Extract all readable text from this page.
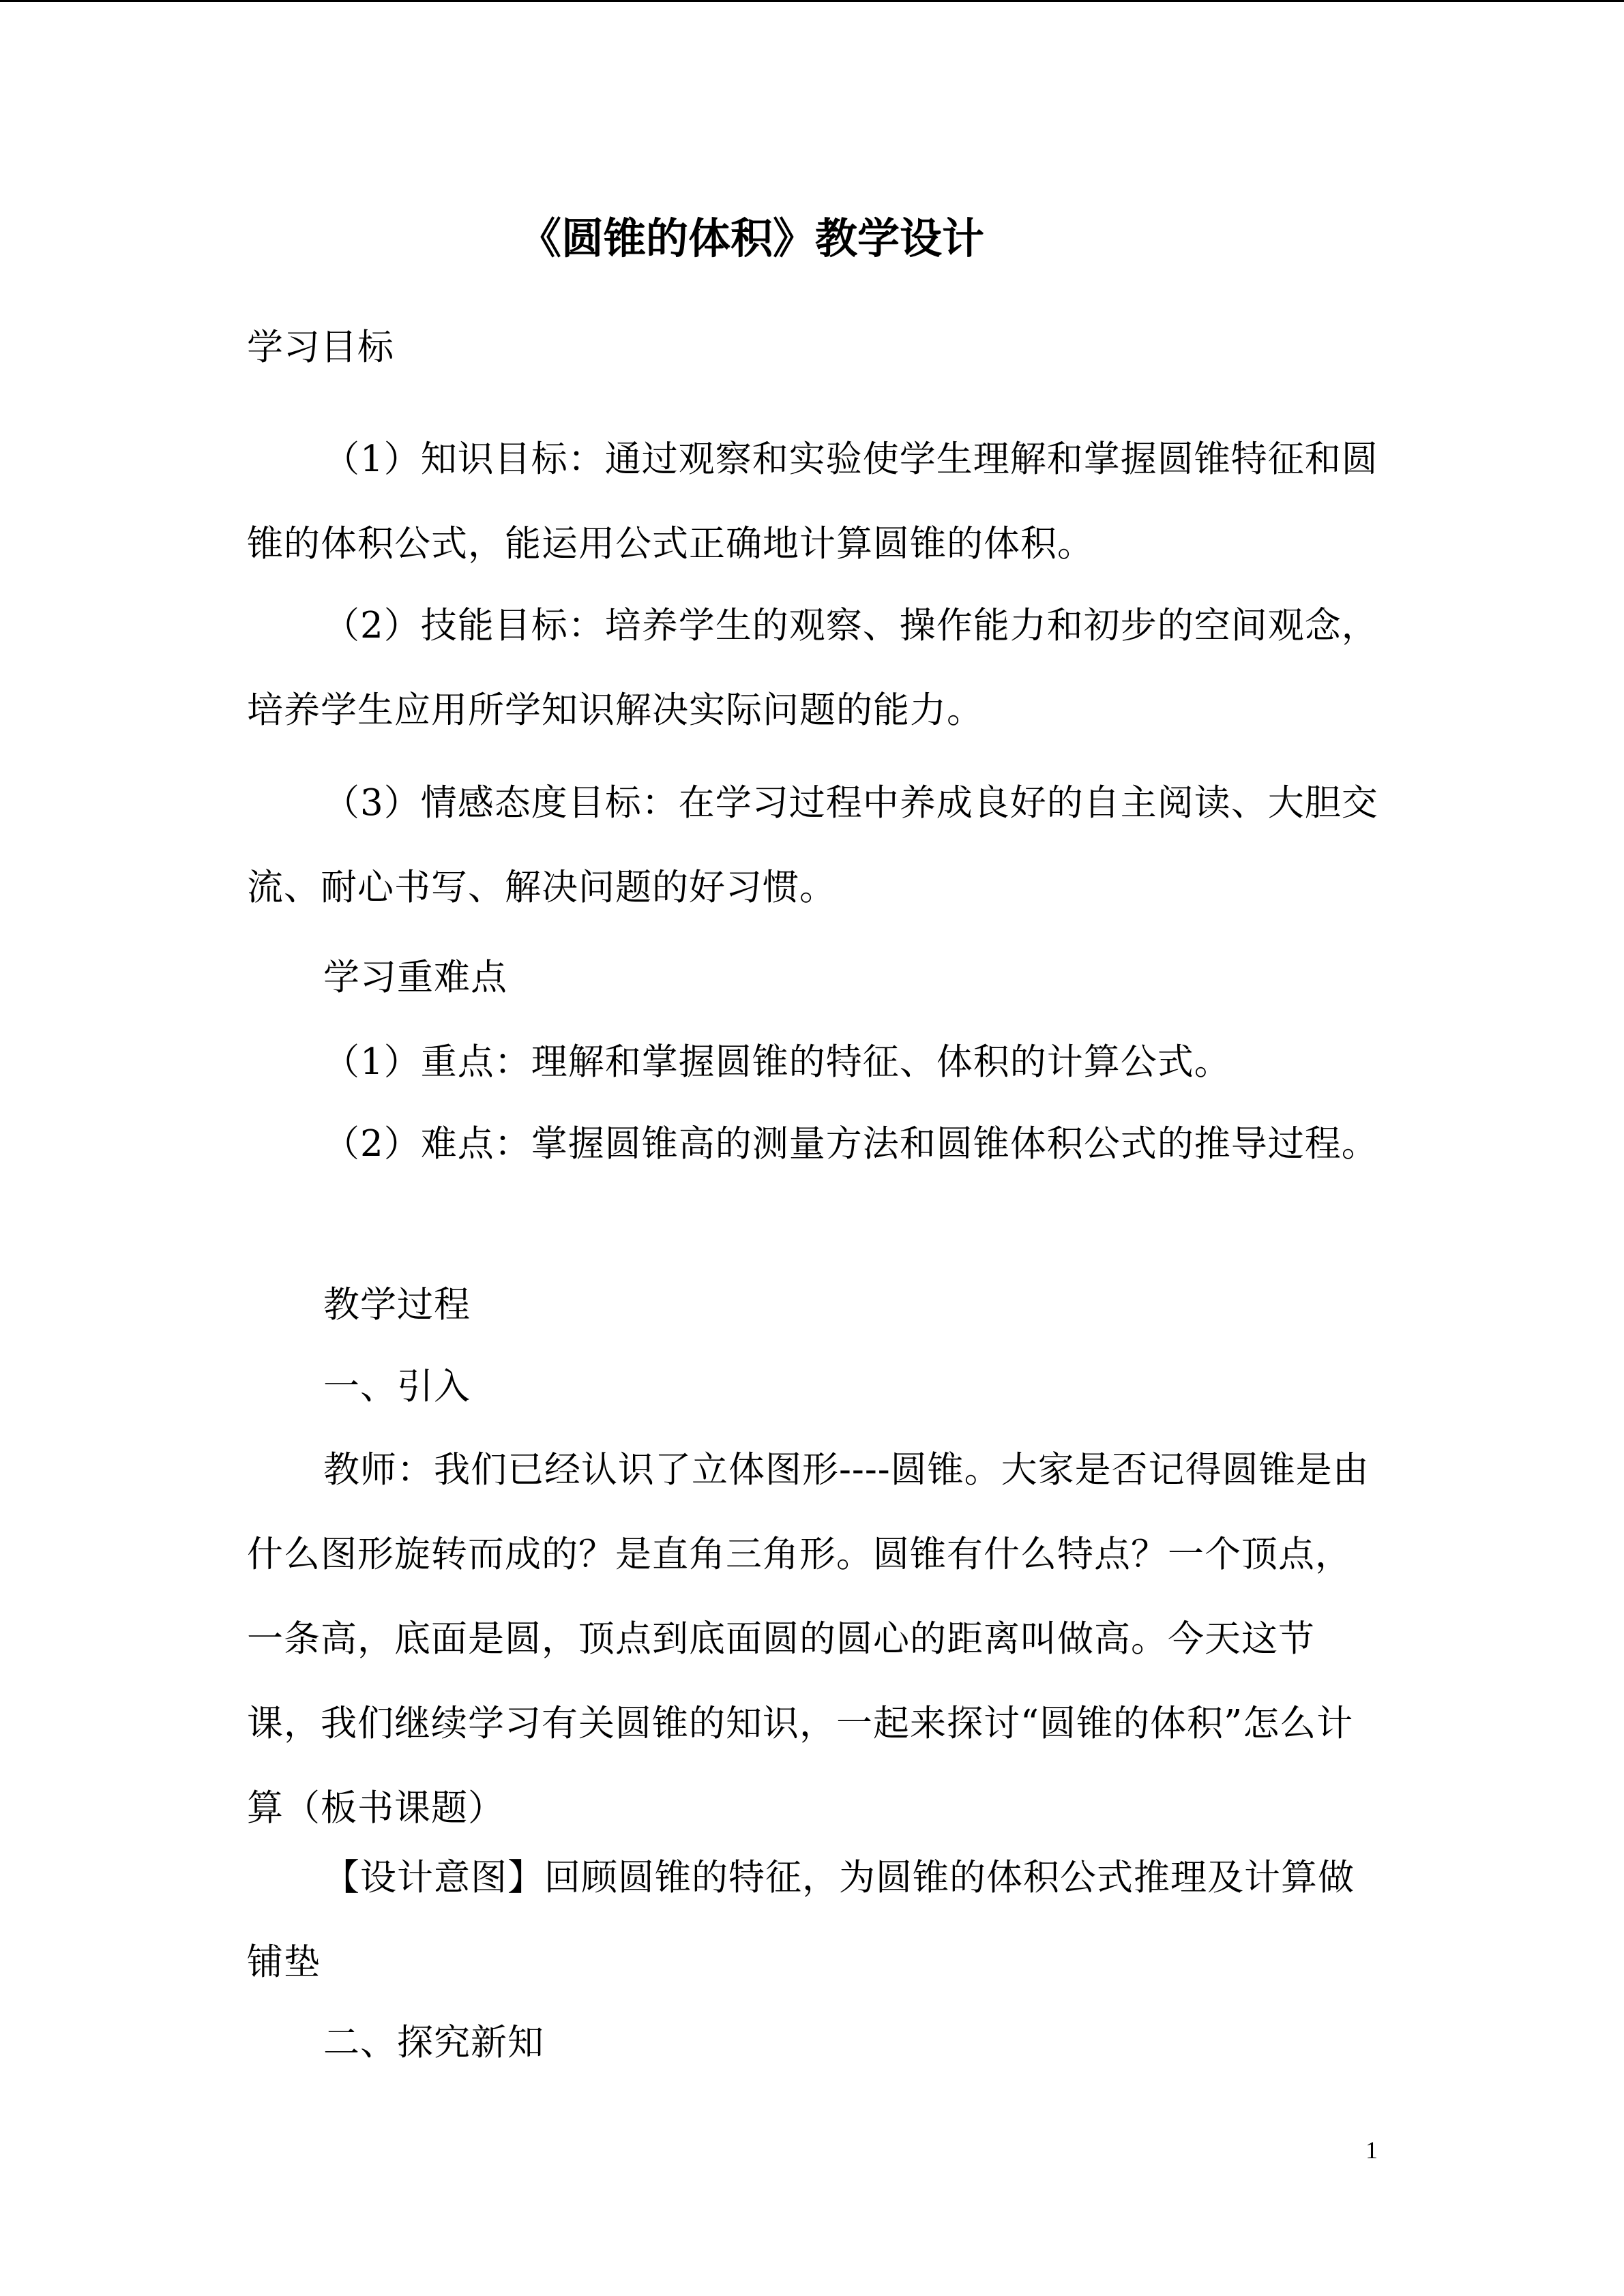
《圆锥的体积》教学设计

学习目标

（1）知识目标：通过观察和实验使学生理解和掌握圆锥特征和圆锥的体积公式，能运用公式正确地计算圆锥的体积。

（2）技能目标：培养学生的观察、操作能力和初步的空间观念，培养学生应用所学知识解决实际问题的能力。

（3）情感态度目标：在学习过程中养成良好的自主阅读、大胆交流、耐心书写、解决问题的好习惯。

学习重难点

（1）重点：理解和掌握圆锥的特征、体积的计算公式。

（2）难点：掌握圆锥高的测量方法和圆锥体积公式的推导过程。

教学过程

一、引入

教师：我们已经认识了立体图形----圆锥。大家是否记得圆锥是由什么图形旋转而成的？是直角三角形。圆锥有什么特点？一个顶点，一条高，底面是圆，顶点到底面圆的圆心的距离叫做高。今天这节课，我们继续学习有关圆锥的知识，一起来探讨“圆锥的体积”怎么计算（板书课题）

【设计意图】回顾圆锥的特征，为圆锥的体积公式推理及计算做铺垫

二、探究新知

1
